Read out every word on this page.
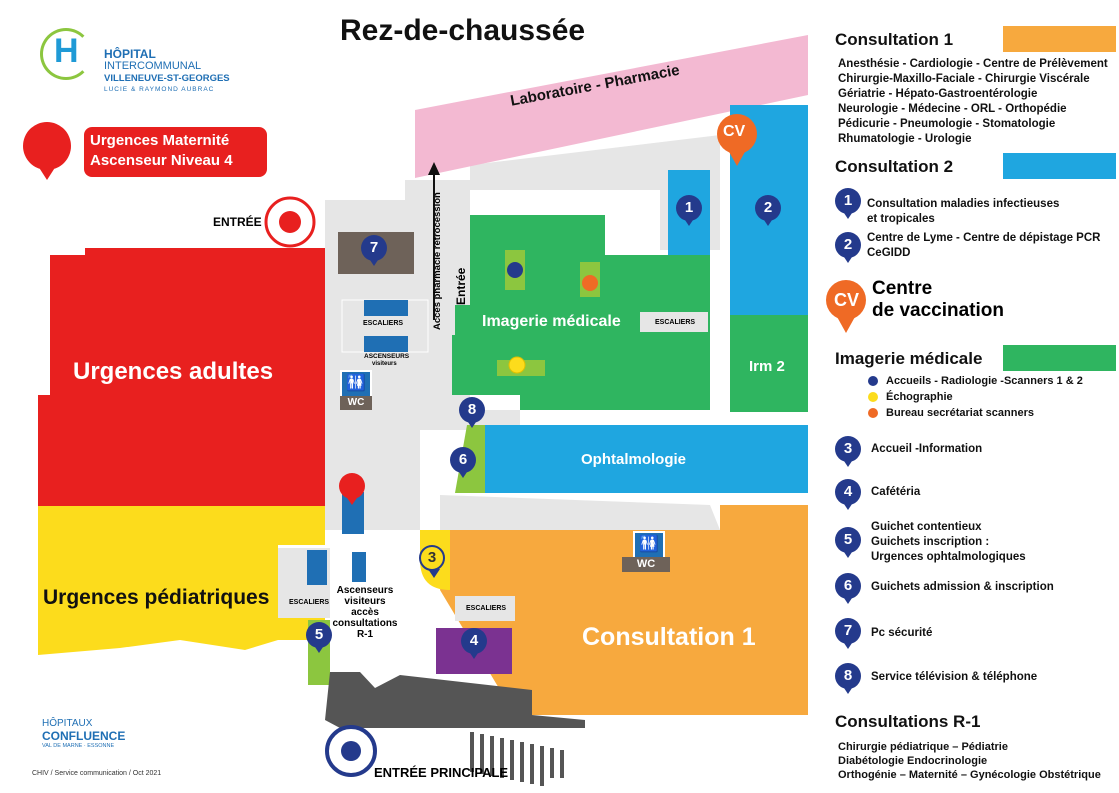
Rez-de-chaussée
H HÔPITAL
INTERCOMMUNAL
VILLENEUVE-ST-GEORGES
LUCIE & RAYMOND AUBRAC
Urgences Maternité
Ascenseur Niveau 4
ENTRÉE
ENTRÉE PRINCIPALE
Urgences adultes
Urgences pédiatriques
Laboratoire - Pharmacie
Imagerie médicale
Irm 2
Ophtalmologie
Consultation 1
ESCALIERS
ESCALIERS
ESCALIERS
ESCALIERS
ASCENSEURS
visiteurs
🚻
WC
🚻
WC
Accès pharmacie rétrocession Entrée
CV
Ascenseurs
visiteurs
accès
consultations
R-1
1	2
3
4
5
6
7
8
HÔPITAUX
CONFLUENCE
VAL DE MARNE · ESSONNE
CHIV / Service communication / Oct 2021
Consultation 1
Anesthésie - Cardiologie - Centre de Prélèvement
Chirurgie-Maxillo-Faciale - Chirurgie Viscérale
Gériatrie - Hépato-Gastroentérologie
Neurologie - Médecine - ORL - Orthopédie
Pédicurie - Pneumologie - Stomatologie
Rhumatologie - Urologie
Consultation 2
1	Consultation maladies infectieuses
et tropicales
2	Centre de Lyme - Centre de dépistage PCR
CeGIDD
CV
Centre
de vaccination
Imagerie médicale
Accueils - Radiologie -Scanners 1 & 2
Échographie
Bureau secrétariat scanners
3	Accueil -Information
4	Cafétéria
5
Guichet contentieux
Guichets inscription :
Urgences ophtalmologiques
6	Guichets admission & inscription
7	Pc sécurité
8	Service télévision & téléphone
Consultations R-1
Chirurgie pédiatrique – Pédiatrie
Diabétologie Endocrinologie
Orthogénie – Maternité – Gynécologie Obstétrique
